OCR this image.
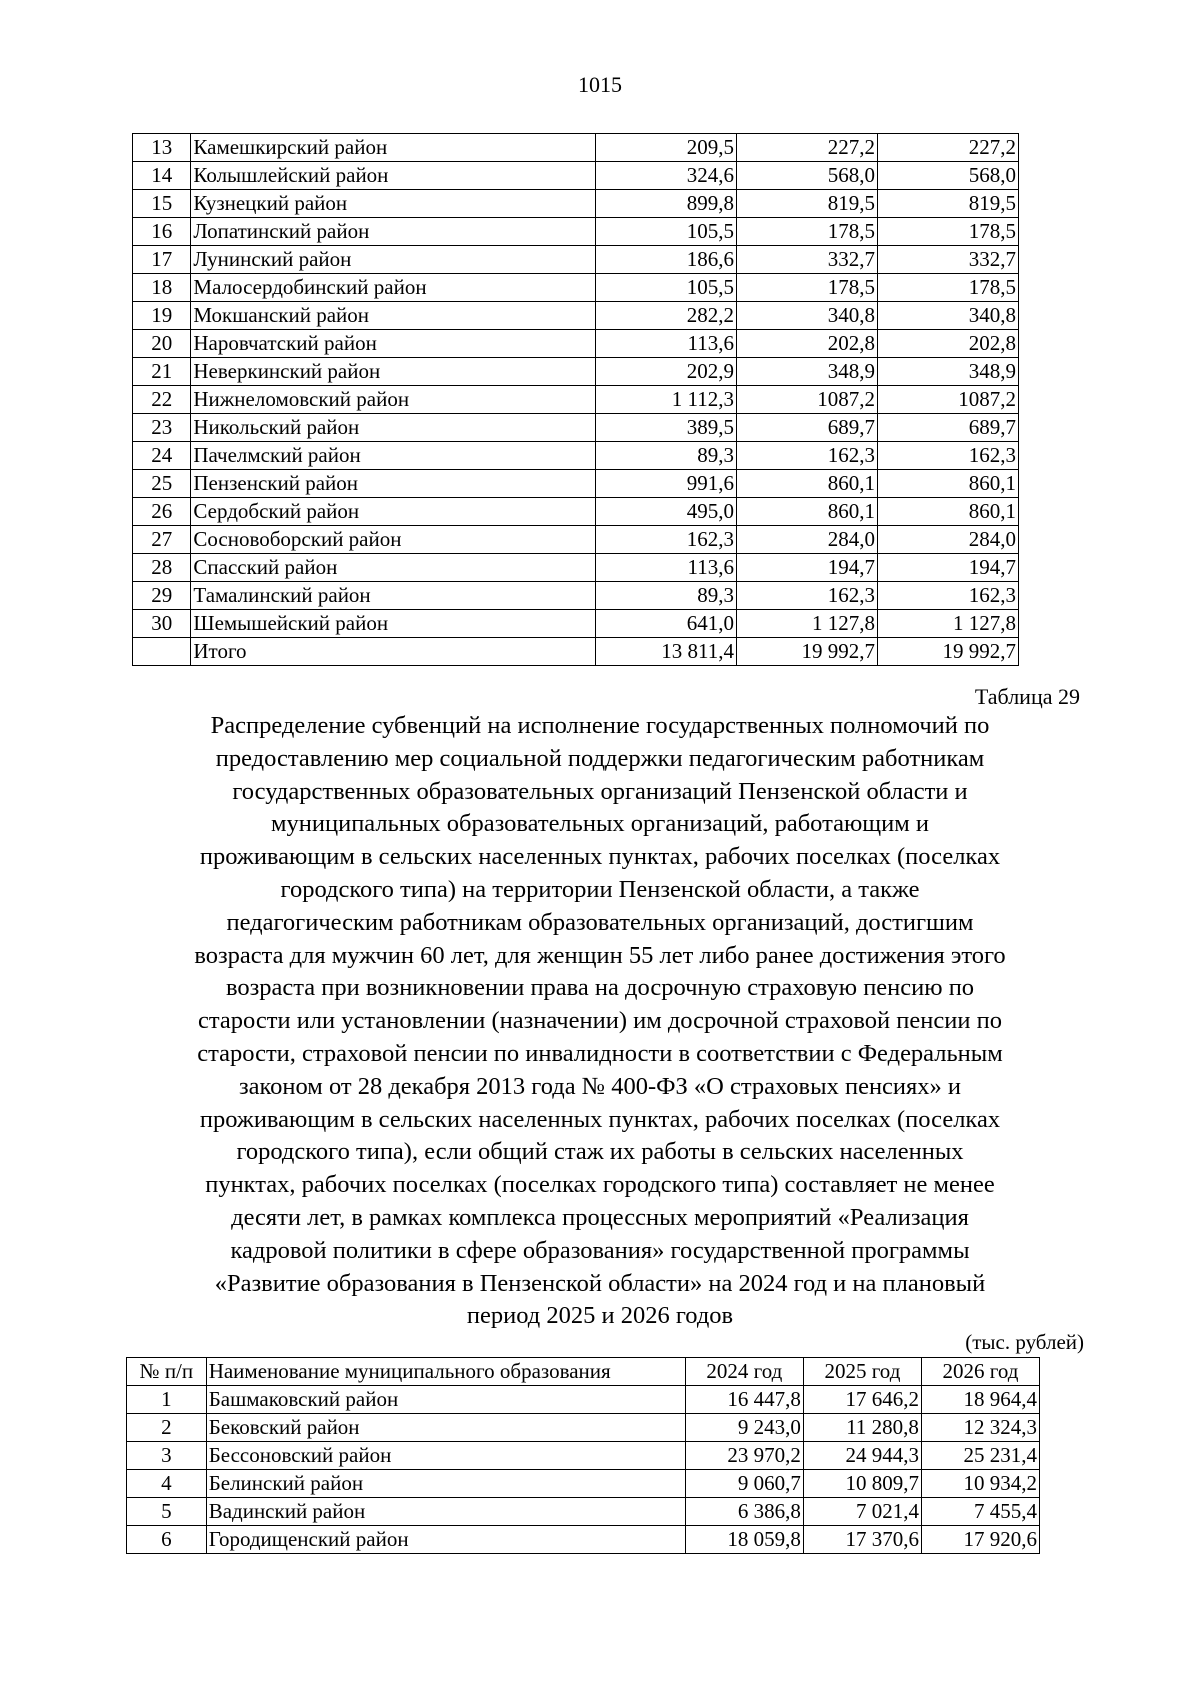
1015
13	Камешкирский район	209,5	227,2	227,2
14	Колышлейский район	324,6	568,0	568,0
15	Кузнецкий район	899,8	819,5	819,5
16	Лопатинский район	105,5	178,5	178,5
17	Лунинский район	186,6	332,7	332,7
18	Малосердобинский район	105,5	178,5	178,5
19	Мокшанский район	282,2	340,8	340,8
20	Наровчатский район	113,6	202,8	202,8
21	Неверкинский район	202,9	348,9	348,9
22	Нижнеломовский район	1 112,3	1087,2	1087,2
23	Никольский район	389,5	689,7	689,7
24	Пачелмский район	89,3	162,3	162,3
25	Пензенский район	991,6	860,1	860,1
26	Сердобский район	495,0	860,1	860,1
27	Сосновоборский район	162,3	284,0	284,0
28	Спасский район	113,6	194,7	194,7
29	Тамалинский район	89,3	162,3	162,3
30	Шемышейский район	641,0	1 127,8	1 127,8
	Итого	13 811,4	19 992,7	19 992,7
Таблица 29
Распределение субвенций на исполнение государственных полномочий по
предоставлению мер социальной поддержки педагогическим работникам
государственных образовательных организаций Пензенской области и
муниципальных образовательных организаций, работающим и
проживающим в сельских населенных пунктах, рабочих поселках (поселках
городского типа) на территории Пензенской области, а также
педагогическим работникам образовательных организаций, достигшим
возраста для мужчин 60 лет, для женщин 55 лет либо ранее достижения этого
возраста при возникновении права на досрочную страховую пенсию по
старости или установлении (назначении) им досрочной страховой пенсии по
старости, страховой пенсии по инвалидности в соответствии с Федеральным
законом от 28 декабря 2013 года № 400-ФЗ «О страховых пенсиях» и
проживающим в сельских населенных пунктах, рабочих поселках (поселках
городского типа), если общий стаж их работы в сельских населенных
пунктах, рабочих поселках (поселках городского типа) составляет не менее
десяти лет, в рамках комплекса процессных мероприятий «Реализация
кадровой политики в сфере образования» государственной программы
«Развитие образования в Пензенской области» на 2024 год и на плановый
период 2025 и 2026 годов
(тыс. рублей)
№ п/п	Наименование муниципального образования	2024 год	2025 год	2026 год
1	Башмаковский район	16 447,8	17 646,2	18 964,4
2	Бековский район	9 243,0	11 280,8	12 324,3
3	Бессоновский район	23 970,2	24 944,3	25 231,4
4	Белинский район	9 060,7	10 809,7	10 934,2
5	Вадинский район	6 386,8	7 021,4	7 455,4
6	Городищенский район	18 059,8	17 370,6	17 920,6
